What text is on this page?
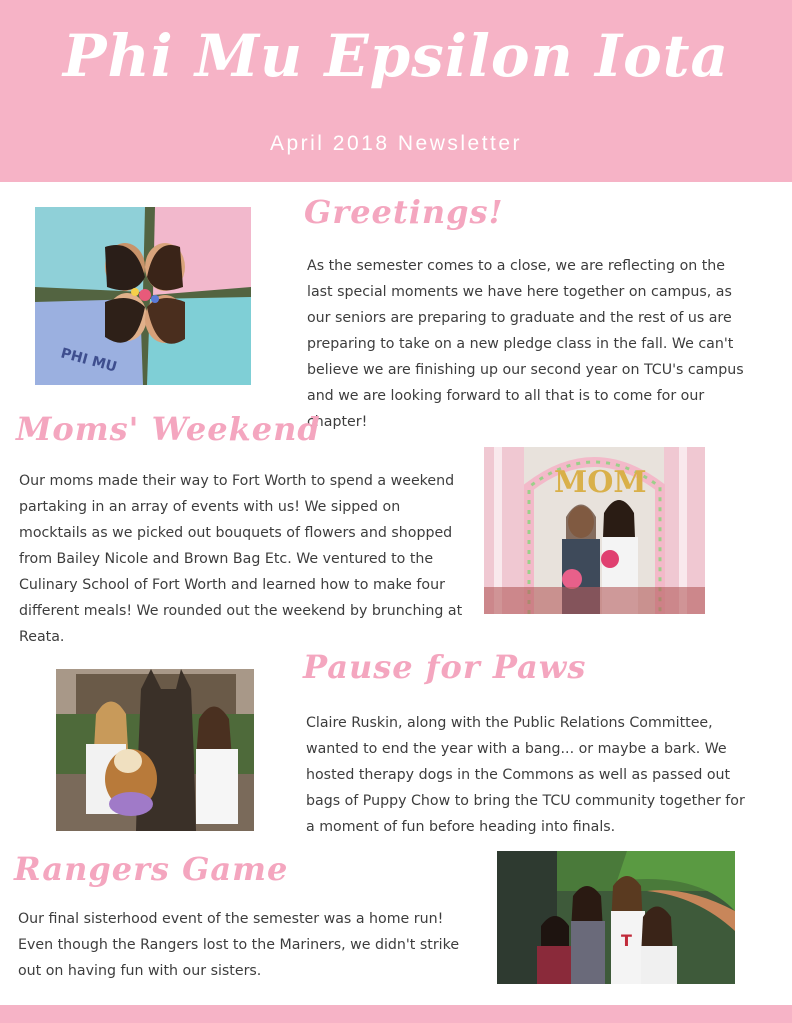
Phi Mu Epsilon Iota
April 2018 Newsletter
PHI MU
Greetings!
As the semester comes to a close, we are reflecting on the last special moments we have here together on campus, as our seniors are preparing to graduate and the rest of us are preparing to take on a new pledge class in the fall. We can't believe we are finishing up our second year on TCU's campus and we are looking forward to all that is to come for our chapter!
Moms' Weekend
Our moms made their way to Fort Worth to spend a weekend partaking in an array of events with us! We sipped on mocktails as we picked out bouquets of flowers and shopped from Bailey Nicole and Brown Bag Etc. We ventured to the Culinary School of Fort Worth and learned how to make four different meals! We rounded out the weekend by brunching at Reata.
MOM
Pause for Paws
Claire Ruskin, along with the Public Relations Committee, wanted to end the year with a bang... or maybe a bark. We hosted therapy dogs in the Commons as well as passed out bags of Puppy Chow to bring the TCU community together for a moment of fun before heading into finals.
Rangers Game
Our final sisterhood event of the semester was a home run! Even though the Rangers lost to the Mariners, we didn't strike out on having fun with our sisters.
T
